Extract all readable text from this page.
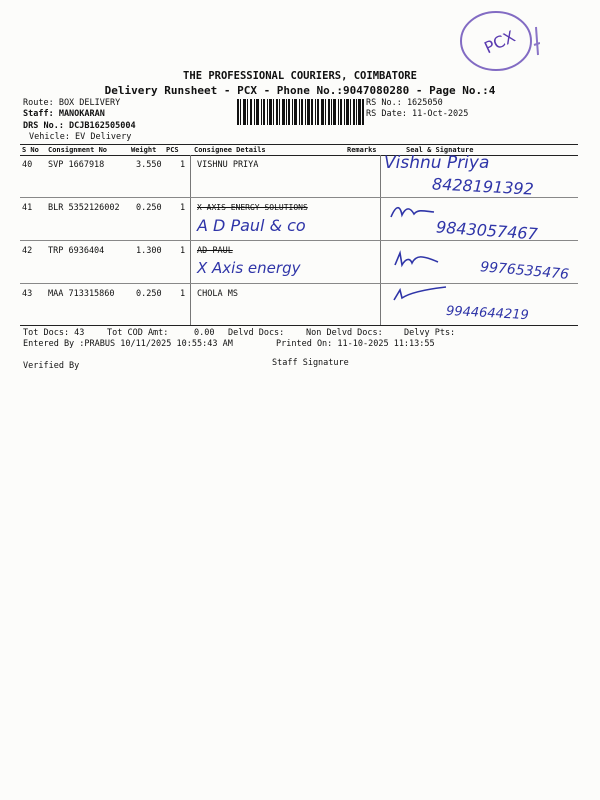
PCX
THE PROFESSIONAL COURIERS, COIMBATORE
Delivery Runsheet - PCX - Phone No.:9047080280 - Page No.:4
Route: BOX DELIVERY
Staff: MANOKARAN
DRS No.: DCJB162505004
Vehicle: EV Delivery
RS No.: 1625050
RS Date: 11-Oct-2025
S No Consignment No	Weight PCS Consignee Details	Remarks	Seal & Signature
40 SVP 1667918	3.550 1 VISHNU PRIYA	Vishnu Priya
8428191392
41 BLR 5352126002 0.250 1 X AXIS ENERGY SOLUTIONS
A D Paul & co	9843057467
42 TRP 6936404	1.300 1 AD PAUL
X Axis energy	9976535476
43 MAA 713315860	0.250 1 CHOLA MS
9944644219
Tot Docs: 43	Tot COD Amt:     0.00 Delvd Docs:	Non Delvd Docs: Delvy Pts:
Entered By :PRABUS 10/11/2025 10:55:43 AM	Printed On: 11-10-2025 11:13:55
Verified By	Staff Signature
